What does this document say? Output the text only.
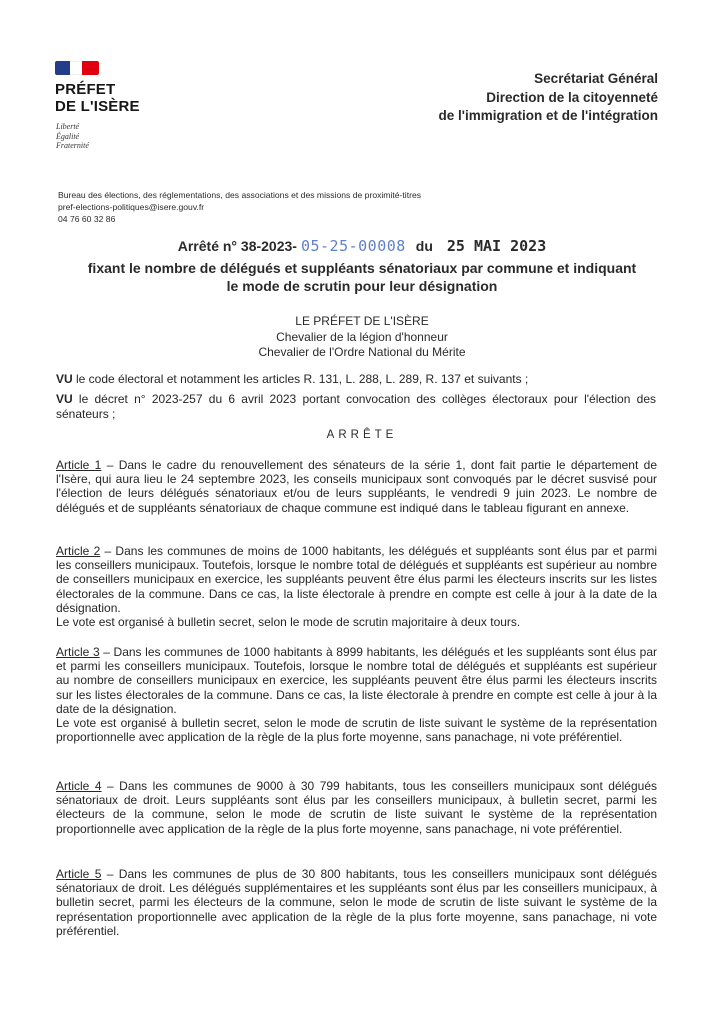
PRÉFET
DE L'ISÈRE
Liberté
Égalité
Fraternité
Secrétariat Général
Direction de la citoyenneté
de l'immigration et de l'intégration
Bureau des élections, des réglementations, des associations et des missions de proximité-titres
pref-elections-politiques@isere.gouv.fr
04 76 60 32 86
Arrêté n° 38-2023- 05-25-00008 du 25 MAI 2023
fixant le nombre de délégués et suppléants sénatoriaux par commune et indiquant
le mode de scrutin pour leur désignation
LE PRÉFET DE L'ISÈRE
Chevalier de la légion d'honneur
Chevalier de l'Ordre National du Mérite
VU le code électoral et notamment les articles R. 131, L. 288, L. 289, R. 137 et suivants ;
VU le décret n° 2023-257 du 6 avril 2023 portant convocation des collèges électoraux pour l'élection des sénateurs ;
ARRÊTE

Article 1 – Dans le cadre du renouvellement des sénateurs de la série 1, dont fait partie le département de l'Isère, qui aura lieu le 24 septembre 2023, les conseils municipaux sont convoqués par le décret susvisé pour l'élection de leurs délégués sénatoriaux et/ou de leurs suppléants, le vendredi 9 juin 2023. Le nombre de délégués et de suppléants sénatoriaux de chaque commune est indiqué dans le tableau figurant en annexe.

Article 2 – Dans les communes de moins de 1000 habitants, les délégués et suppléants sont élus par et parmi les conseillers municipaux. Toutefois, lorsque le nombre total de délégués et suppléants est supérieur au nombre de conseillers municipaux en exercice, les suppléants peuvent être élus parmi les électeurs inscrits sur les listes électorales de la commune. Dans ce cas, la liste électorale à prendre en compte est celle à jour à la date de la désignation.

Le vote est organisé à bulletin secret, selon le mode de scrutin majoritaire à deux tours.

Article 3 – Dans les communes de 1000 habitants à 8999 habitants, les délégués et les suppléants sont élus par et parmi les conseillers municipaux. Toutefois, lorsque le nombre total de délégués et suppléants est supérieur au nombre de conseillers municipaux en exercice, les suppléants peuvent être élus parmi les électeurs inscrits sur les listes électorales de la commune. Dans ce cas, la liste électorale à prendre en compte est celle à jour à la date de la désignation.

Le vote est organisé à bulletin secret, selon le mode de scrutin de liste suivant le système de la représentation proportionnelle avec application de la règle de la plus forte moyenne, sans panachage, ni vote préférentiel.

Article 4 – Dans les communes de 9000 à 30 799 habitants, tous les conseillers municipaux sont délégués sénatoriaux de droit. Leurs suppléants sont élus par les conseillers municipaux, à bulletin secret, parmi les électeurs de la commune, selon le mode de scrutin de liste suivant le système de la représentation proportionnelle avec application de la règle de la plus forte moyenne, sans panachage, ni vote préférentiel.

Article 5 – Dans les communes de plus de 30 800 habitants, tous les conseillers municipaux sont délégués sénatoriaux de droit. Les délégués supplémentaires et les suppléants sont élus par les conseillers municipaux, à bulletin secret, parmi les électeurs de la commune, selon le mode de scrutin de liste suivant le système de la représentation proportionnelle avec application de la règle de la plus forte moyenne, sans panachage, ni vote préférentiel.
